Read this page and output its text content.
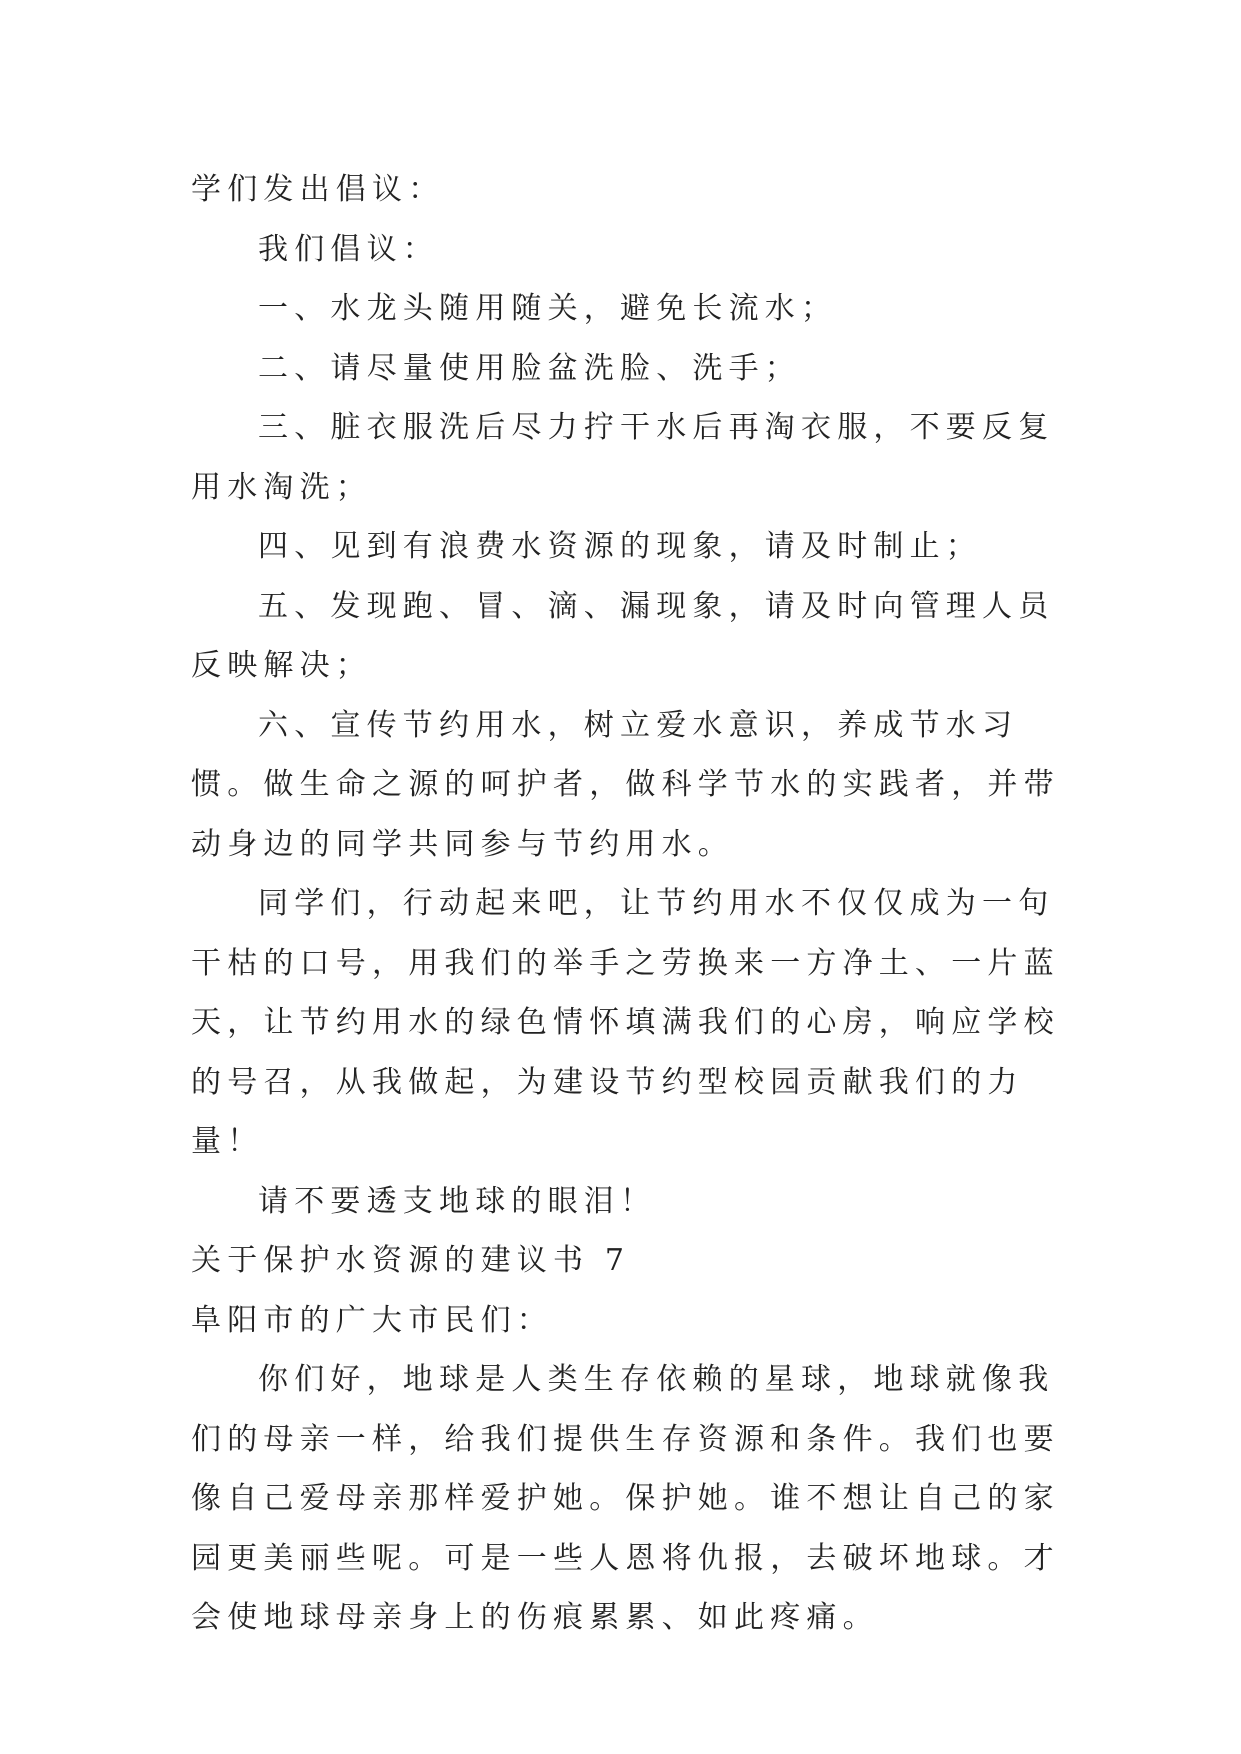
学们发出倡议：

我们倡议：

一、水龙头随用随关，避免长流水；

二、请尽量使用脸盆洗脸、洗手；

三、脏衣服洗后尽力拧干水后再淘衣服，不要反复用水淘洗；

四、见到有浪费水资源的现象，请及时制止；

五、发现跑、冒、滴、漏现象，请及时向管理人员反映解决；

六、宣传节约用水，树立爱水意识，养成节水习惯。做生命之源的呵护者，做科学节水的实践者，并带动身边的同学共同参与节约用水。

同学们，行动起来吧，让节约用水不仅仅成为一句干枯的口号，用我们的举手之劳换来一方净土、一片蓝天，让节约用水的绿色情怀填满我们的心房，响应学校的号召，从我做起，为建设节约型校园贡献我们的力量！

请不要透支地球的眼泪！

关于保护水资源的建议书 7

阜阳市的广大市民们：

你们好，地球是人类生存依赖的星球，地球就像我们的母亲一样，给我们提供生存资源和条件。我们也要像自己爱母亲那样爱护她。保护她。谁不想让自己的家园更美丽些呢。可是一些人恩将仇报，去破坏地球。才会使地球母亲身上的伤痕累累、如此疼痛。
